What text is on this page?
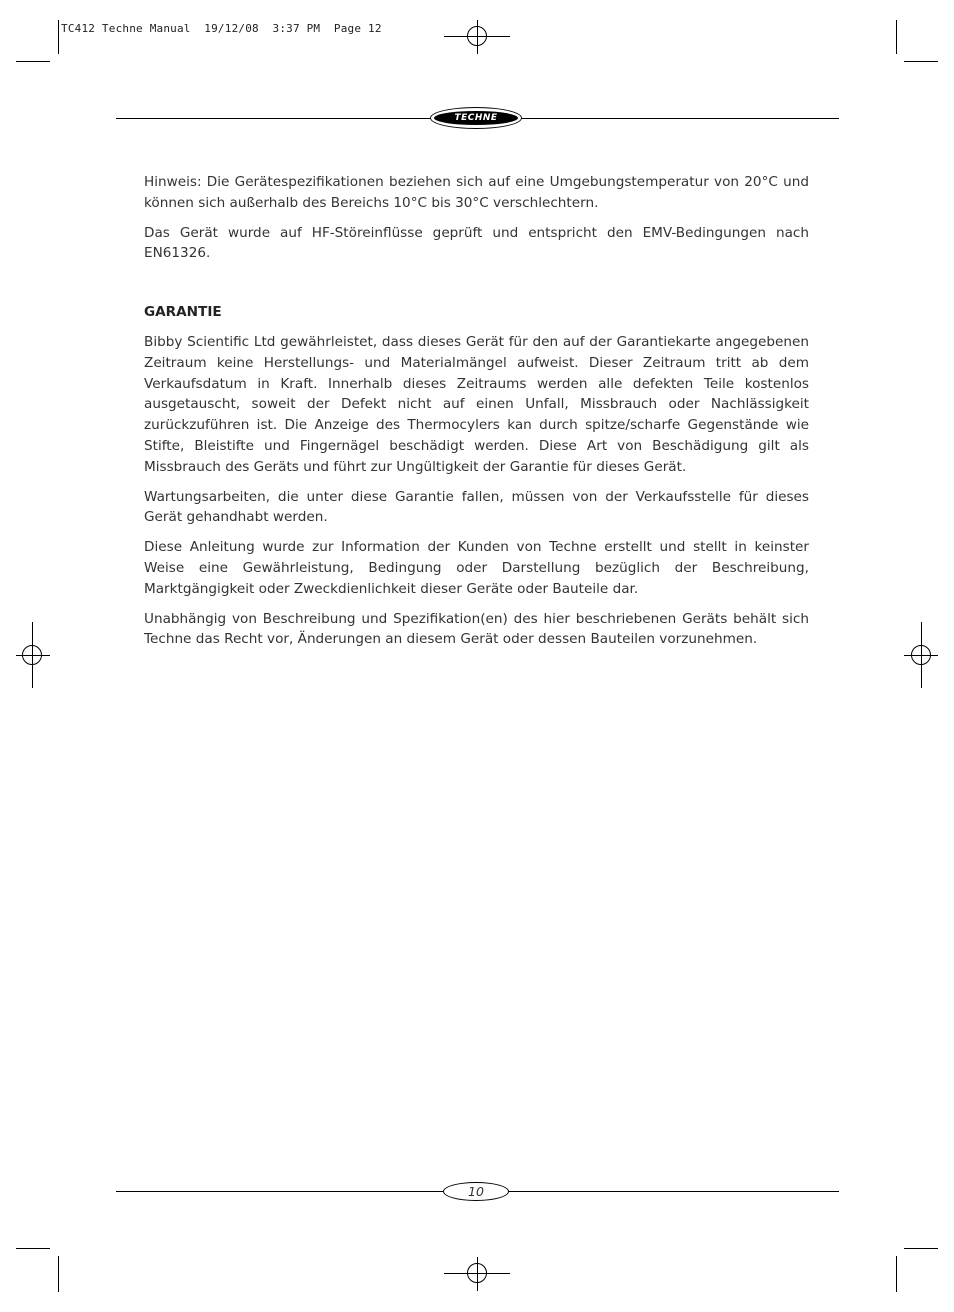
TC412 Techne Manual  19/12/08  3:37 PM  Page 12
TECHNE

Hinweis: Die Gerätespezifikationen beziehen sich auf eine Umgebungstemperatur von 20°C und können sich außerhalb des Bereichs 10°C bis 30°C verschlechtern.

Das Gerät wurde auf HF-Störeinflüsse geprüft und entspricht den EMV-Bedingungen nach EN61326.

GARANTIE

Bibby Scientific Ltd gewährleistet, dass dieses Gerät für den auf der Garantiekarte angegebenen Zeitraum keine Herstellungs- und Materialmängel aufweist. Dieser Zeitraum tritt ab dem Verkaufsdatum in Kraft. Innerhalb dieses Zeitraums werden alle defekten Teile kostenlos ausgetauscht, soweit der Defekt nicht auf einen Unfall, Missbrauch oder Nachlässigkeit zurückzuführen ist. Die Anzeige des Thermocylers kan durch spitze/scharfe Gegenstände wie Stifte, Bleistifte und Fingernägel beschädigt werden. Diese Art von Beschädigung gilt als Missbrauch des Geräts und führt zur Ungültigkeit der Garantie für dieses Gerät.

Wartungsarbeiten, die unter diese Garantie fallen, müssen von der Verkaufsstelle für dieses Gerät gehandhabt werden.

Diese Anleitung wurde zur Information der Kunden von Techne erstellt und stellt in keinster Weise eine Gewährleistung, Bedingung oder Darstellung bezüglich der Beschreibung, Marktgängigkeit oder Zweckdienlichkeit dieser Geräte oder Bauteile dar.

Unabhängig von Beschreibung und Spezifikation(en) des hier beschriebenen Geräts behält sich Techne das Recht vor, Änderungen an diesem Gerät oder dessen Bauteilen vorzunehmen.

10
